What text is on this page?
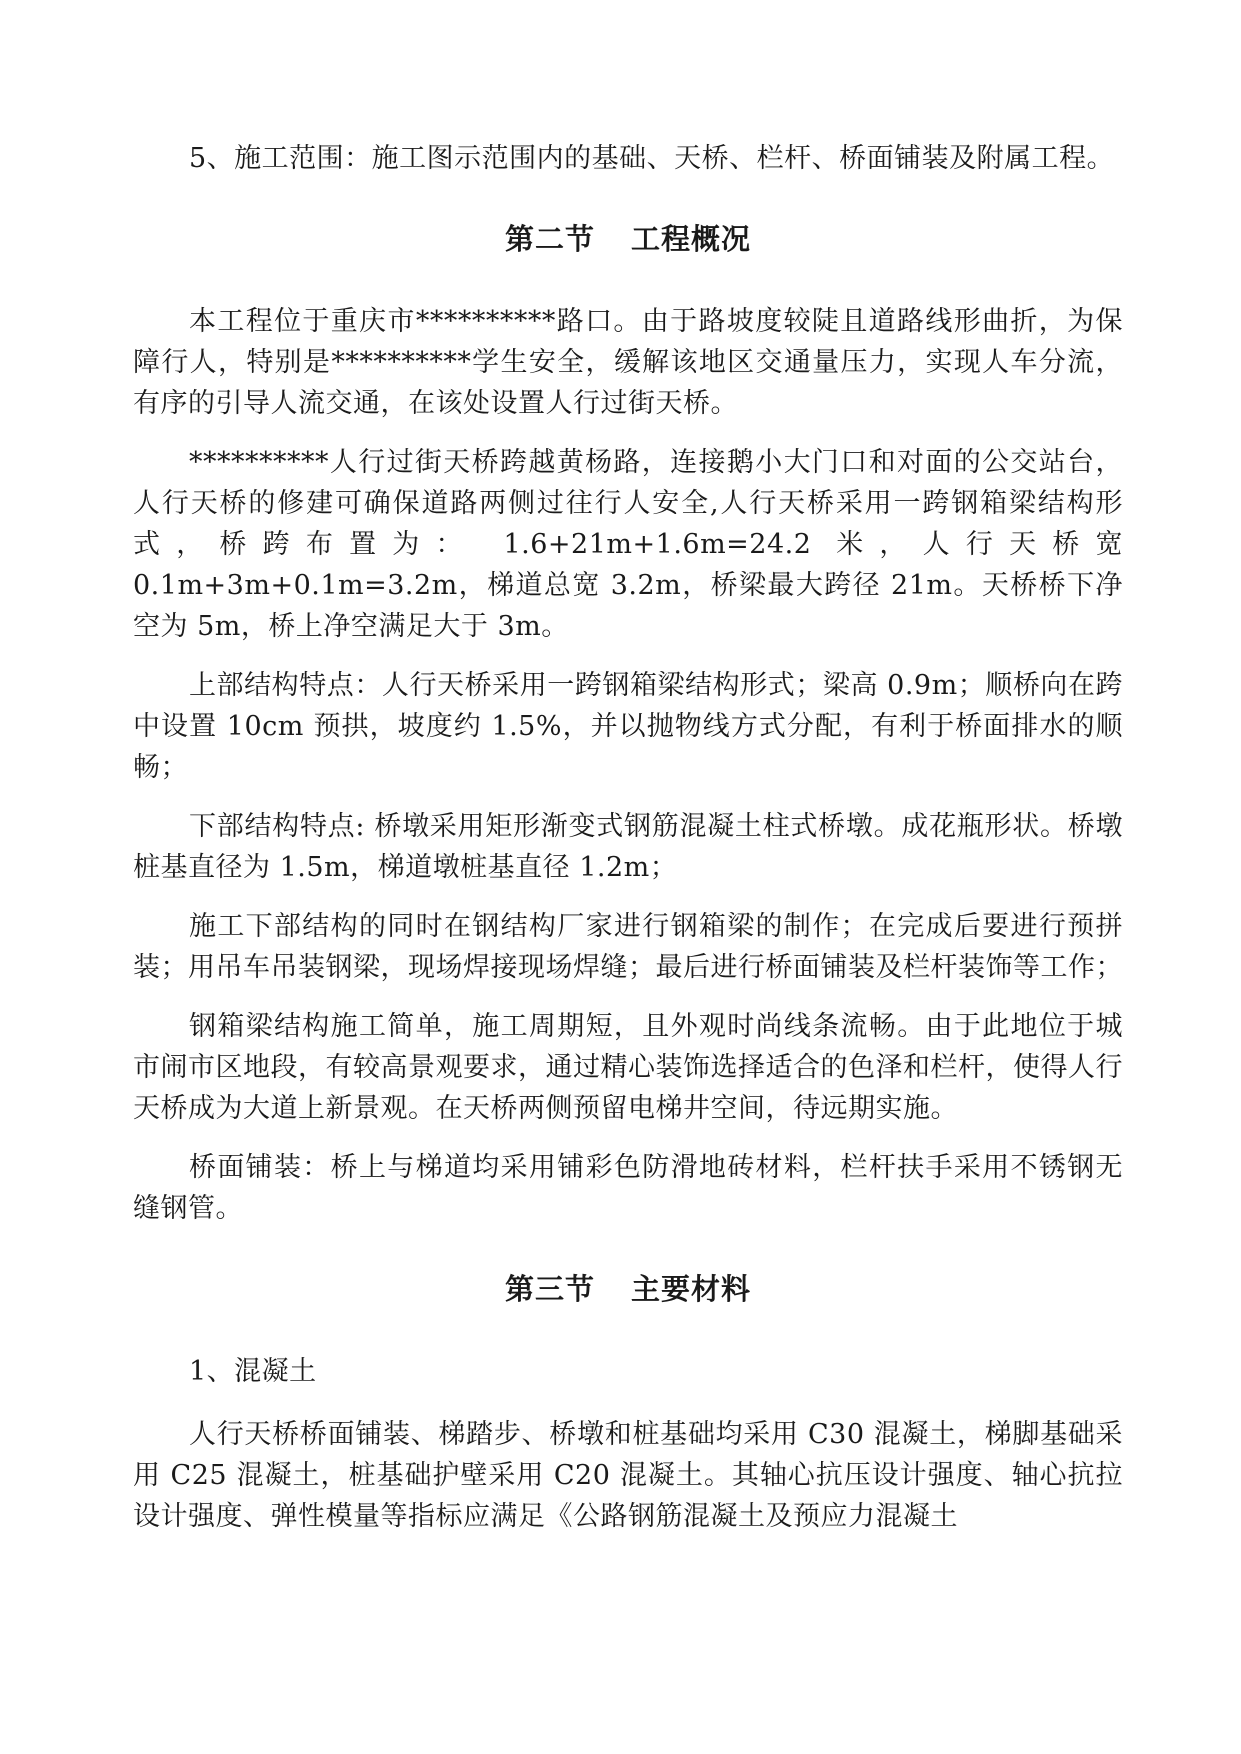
5、施工范围：施工图示范围内的基础、天桥、栏杆、桥面铺装及附属工程。

第二节 工程概况

本工程位于重庆市**********路口。由于路坡度较陡且道路线形曲折，为保障行人，特别是**********学生安全，缓解该地区交通量压力，实现人车分流，有序的引导人流交通，在该处设置人行过街天桥。

**********人行过街天桥跨越黄杨路，连接鹅小大门口和对面的公交站台，人行天桥的修建可确保道路两侧过往行人安全,人行天桥采用一跨钢箱梁结构形式，桥跨布置为： 1.6+21m+1.6m=24.2 米，人行天桥宽 0.1m+3m+0.1m=3.2m，梯道总宽 3.2m，桥梁最大跨径 21m。天桥桥下净空为 5m，桥上净空满足大于 3m。

上部结构特点：人行天桥采用一跨钢箱梁结构形式；梁高 0.9m；顺桥向在跨中设置 10cm 预拱，坡度约 1.5%，并以抛物线方式分配，有利于桥面排水的顺畅；

下部结构特点: 桥墩采用矩形渐变式钢筋混凝土柱式桥墩。成花瓶形状。桥墩桩基直径为 1.5m，梯道墩桩基直径 1.2m；

施工下部结构的同时在钢结构厂家进行钢箱梁的制作；在完成后要进行预拼装；用吊车吊装钢梁，现场焊接现场焊缝；最后进行桥面铺装及栏杆装饰等工作；

钢箱梁结构施工简单，施工周期短，且外观时尚线条流畅。由于此地位于城市闹市区地段，有较高景观要求，通过精心装饰选择适合的色泽和栏杆，使得人行天桥成为大道上新景观。在天桥两侧预留电梯井空间，待远期实施。

桥面铺装：桥上与梯道均采用铺彩色防滑地砖材料，栏杆扶手采用不锈钢无缝钢管。

第三节 主要材料

1、混凝土

人行天桥桥面铺装、梯踏步、桥墩和桩基础均采用 C30 混凝土，梯脚基础采用 C25 混凝土，桩基础护壁采用 C20 混凝土。其轴心抗压设计强度、轴心抗拉设计强度、弹性模量等指标应满足《公路钢筋混凝土及预应力混凝土
